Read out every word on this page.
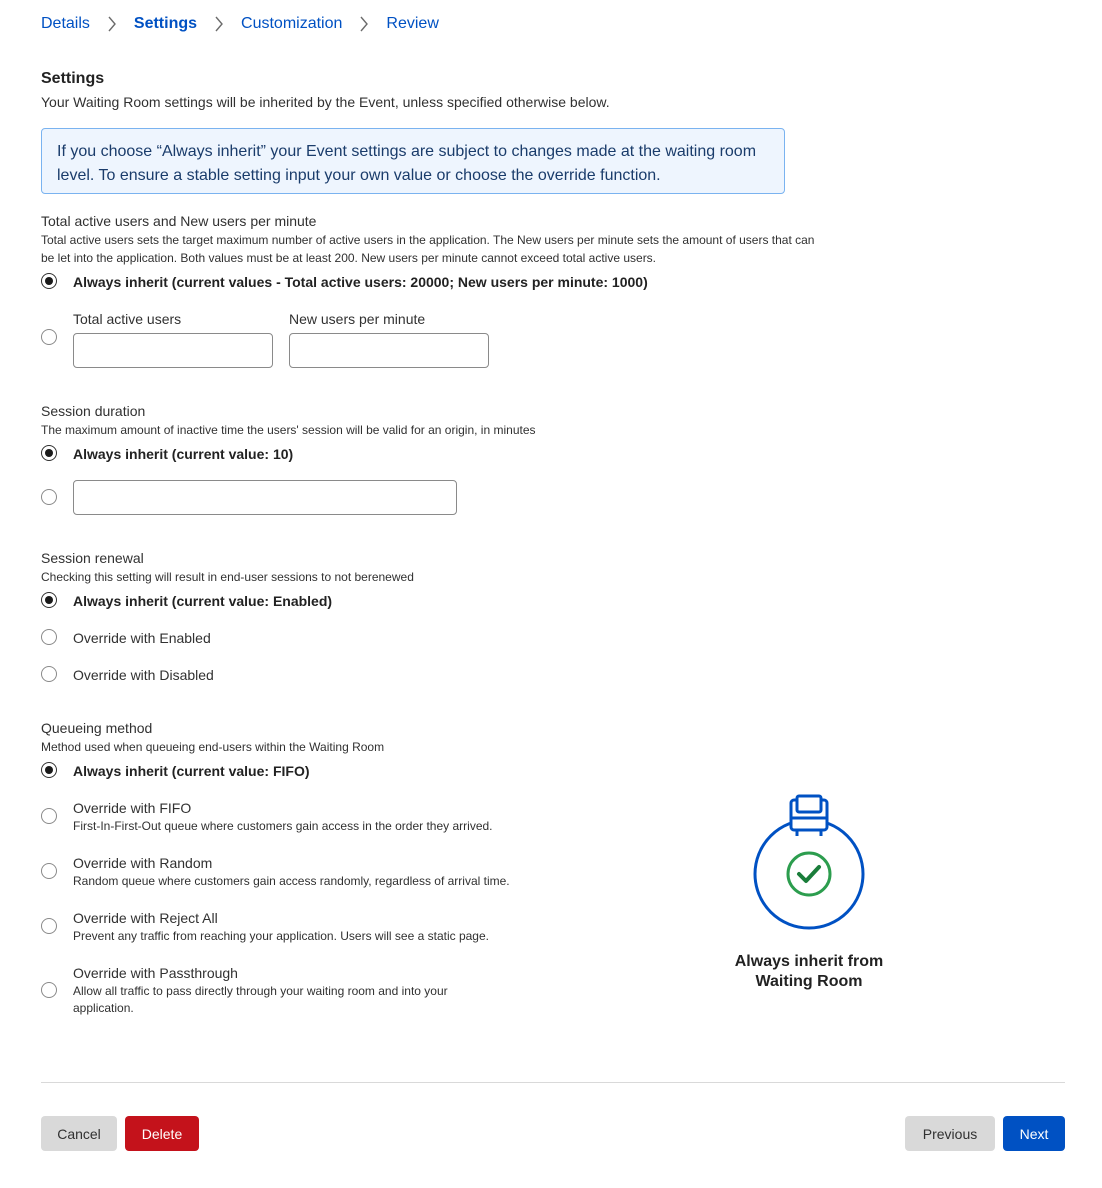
Details	Settings	Customization	Review
Settings
Your Waiting Room settings will be inherited by the Event, unless specified otherwise below.
If you choose “Always inherit” your Event settings are subject to changes made at the waiting room level. To ensure a stable setting input your own value or choose the override function.
Total active users and New users per minute
Total active users sets the target maximum number of active users in the application. The New users per minute sets the amount of users that can be let into the application. Both values must be at least 200. New users per minute cannot exceed total active users.
Always inherit (current values - Total active users: 20000; New users per minute: 1000)
Total active users	New users per minute
Session duration
The maximum amount of inactive time the users' session will be valid for an origin, in minutes
Always inherit (current value: 10)
Session renewal
Checking this setting will result in end-user sessions to not berenewed
Always inherit (current value: Enabled)
Override with Enabled
Override with Disabled
Queueing method
Method used when queueing end-users within the Waiting Room
Always inherit (current value: FIFO)
Override with FIFO
First-In-First-Out queue where customers gain access in the order they arrived.
Override with Random
Random queue where customers gain access randomly, regardless of arrival time.
Override with Reject All
Prevent any traffic from reaching your application. Users will see a static page.
Override with Passthrough
Allow all traffic to pass directly through your waiting room and into your application.
Always inherit from Waiting Room
Cancel	Delete	Previous	Next
